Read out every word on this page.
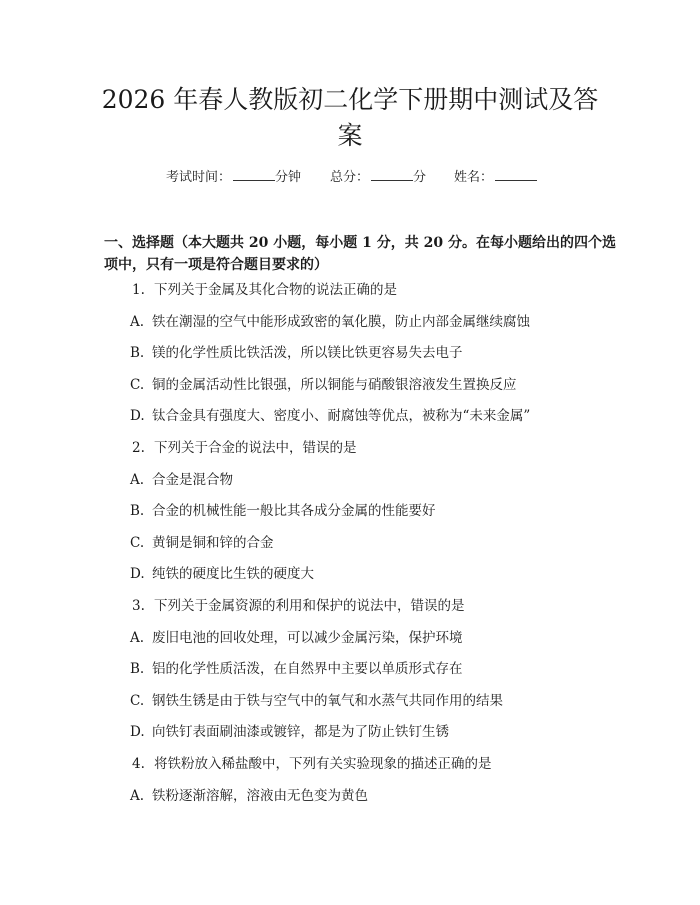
2026 年春人教版初二化学下册期中测试及答
案
考试时间：	分钟 总分：	分 姓名：

一、选择题（本大题共 20 小题，每小题 1 分，共 20 分。在每小题给出的四个选
项中，只有一项是符合题目要求的）

1. 下列关于金属及其化合物的说法正确的是
A. 铁在潮湿的空气中能形成致密的氧化膜，防止内部金属继续腐蚀
B. 镁的化学性质比铁活泼，所以镁比铁更容易失去电子
C. 铜的金属活动性比银强，所以铜能与硝酸银溶液发生置换反应
D. 钛合金具有强度大、密度小、耐腐蚀等优点，被称为“未来金属”
2. 下列关于合金的说法中，错误的是
A. 合金是混合物
B. 合金的机械性能一般比其各成分金属的性能要好
C. 黄铜是铜和锌的合金
D. 纯铁的硬度比生铁的硬度大
3. 下列关于金属资源的利用和保护的说法中，错误的是
A. 废旧电池的回收处理，可以减少金属污染，保护环境
B. 铝的化学性质活泼，在自然界中主要以单质形式存在
C. 钢铁生锈是由于铁与空气中的氧气和水蒸气共同作用的结果
D. 向铁钉表面刷油漆或镀锌，都是为了防止铁钉生锈
4. 将铁粉放入稀盐酸中，下列有关实验现象的描述正确的是
A. 铁粉逐渐溶解，溶液由无色变为黄色
